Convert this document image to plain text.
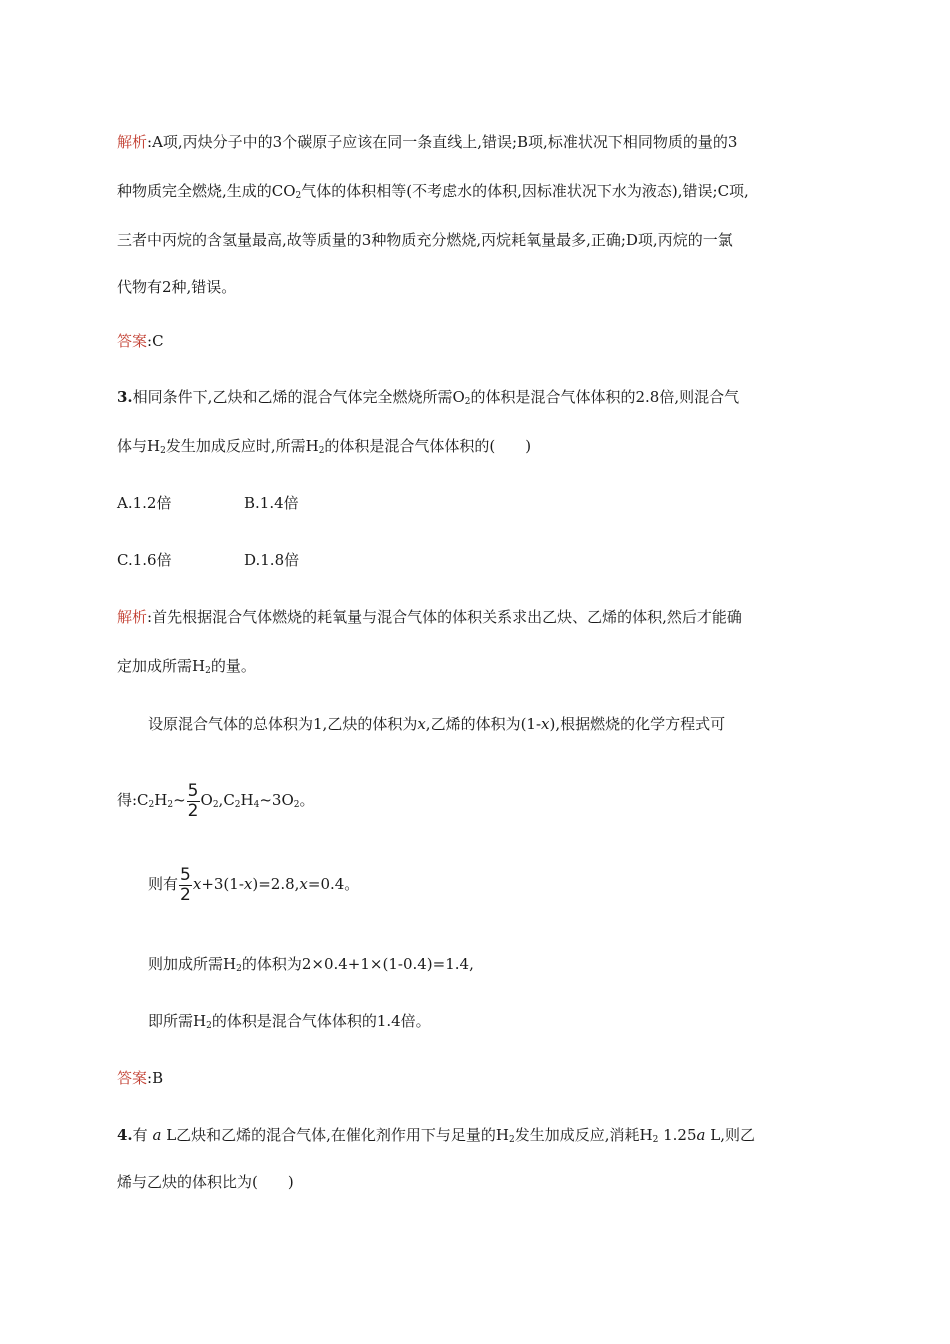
解析:A项,丙炔分子中的3个碳原子应该在同一条直线上,错误;B项,标准状况下相同物质的量的3
种物质完全燃烧,生成的$CO_2$气体的体积相等(不考虑水的体积,因标准状况下水为液态),错误;C项,
三者中丙烷的含氢量最高,故等质量的3种物质充分燃烧,丙烷耗氧量最多,正确;D项,丙烷的一氯
代物有2种,错误。
答案:C
3.相同条件下,乙炔和乙烯的混合气体完全燃烧所需$O_2$的体积是混合气体体积的2.8倍,则混合气
体与$H_2$发生加成反应时,所需$H_2$的体积是混合气体体积的(　　)
A.1.2倍	B.1.4倍
C.1.6倍	D.1.8倍
解析:首先根据混合气体燃烧的耗氧量与混合气体的体积关系求出乙炔、乙烯的体积,然后才能确
定加成所需$H_2$的量。
设原混合气体的总体积为1,乙炔的体积为x,乙烯的体积为(1-x),根据燃烧的化学方程式可
得$:C_2H_2\sim \frac{5}{2}$ $O_2,C_2H_4\sim 3O_2$。
则有 $\frac{5}{2} x+3(1-x)=2.8,x=0.4$。
则加成所需$H_2$的体积为2×0.4+1×(1-0.4)=1.4,
即所需$H_2$的体积是混合气体体积的1.4倍。
答案:B
4.有 a L乙炔和乙烯的混合气体,在催化剂作用下与足量的$H_2$发生加成反应,消耗$H_2$ 1.25a L,则乙
烯与乙炔的体积比为(　　)
